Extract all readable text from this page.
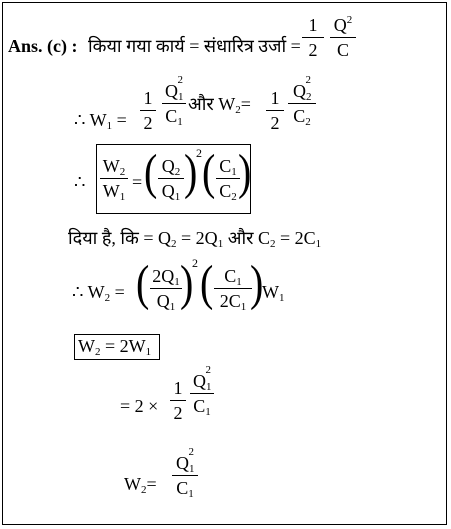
Ans. (c) : किया गया कार्य = संधारित्र उर्जा =
1
2
$Q^2$
C
∴ $W_1$ =
1
2
$Q_1^2$
$C_1$
और $W_2= 1$
2
$Q_2^2$
$C_2$
∴
$W_2$
$W_1$
= ( $Q_2$
$Q_1$ )
2 ( $C_1$
$C_2$ )
दिया है, कि = $Q_2 = 2Q_1$ और $C_2 = 2C_1$
∴ $W_2$ = ( $2Q_1$
$Q_1$ )
2 ( $C_1$
$2C_1$ )
$W_1$
$W_2 = 2W_1$
= 2 ×
1
2
$Q_1^2$
$C_1$
$W_2=$
$Q_1^2$
$C_1$
